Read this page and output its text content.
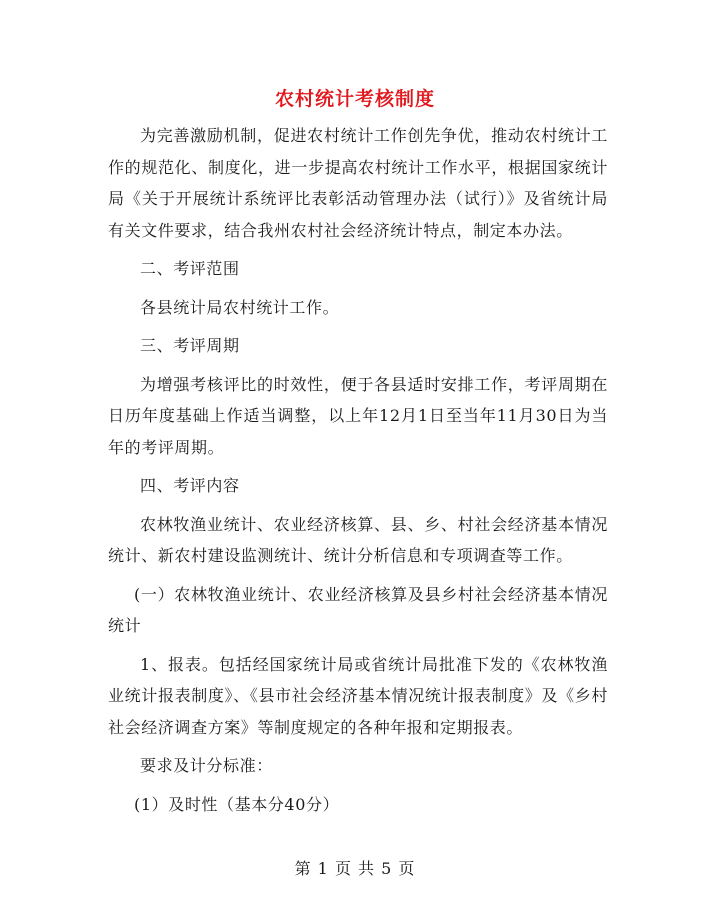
农村统计考核制度

为完善激励机制，促进农村统计工作创先争优，推动农村统计工作的规范化、制度化，进一步提高农村统计工作水平，根据国家统计局《关于开展统计系统评比表彰活动管理办法（试行）》及省统计局有关文件要求，结合我州农村社会经济统计特点，制定本办法。

二、考评范围

各县统计局农村统计工作。

三、考评周期

为增强考核评比的时效性，便于各县适时安排工作，考评周期在日历年度基础上作适当调整，以上年12月1日至当年11月30日为当年的考评周期。

四、考评内容

农林牧渔业统计、农业经济核算、县、乡、村社会经济基本情况统计、新农村建设监测统计、统计分析信息和专项调查等工作。

(一）农林牧渔业统计、农业经济核算及县乡村社会经济基本情况统计

1、报表。包括经国家统计局或省统计局批准下发的《农林牧渔业统计报表制度》、《县市社会经济基本情况统计报表制度》及《乡村社会经济调查方案》等制度规定的各种年报和定期报表。

要求及计分标准：

(1）及时性（基本分40分）

第 1 页 共 5 页
